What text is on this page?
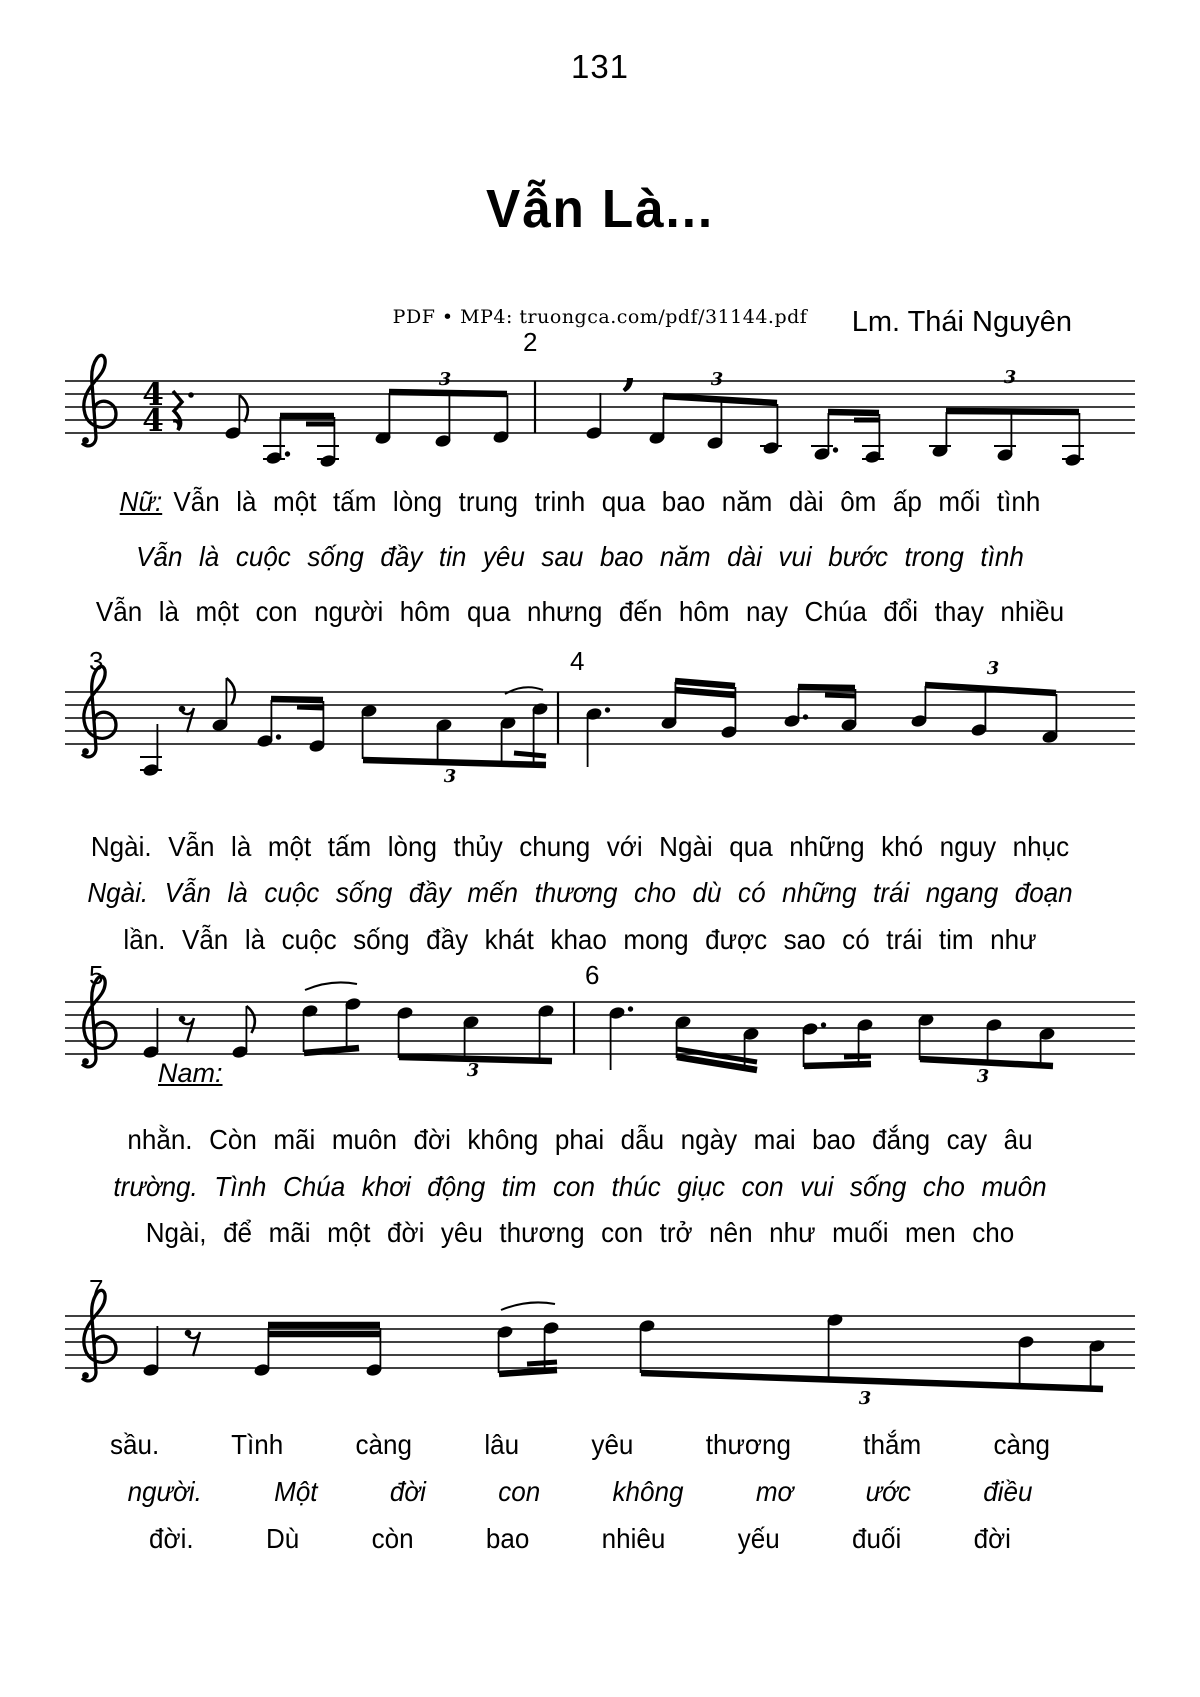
131
Vẫn Là...
PDF • MP4: truongca.com/pdf/31144.pdf	Lm. Thái Nguyên
4
4
2
,
3	3	3
3	4
3
3
5	6
3	3
7
3
Nam:
Nữ: Vẫn là một tấm lòng trung trinh qua bao năm dài ôm ấp mối tình
Vẫn là cuộc sống đầy tin yêu sau bao năm dài vui bước trong tình
Vẫn là một con người hôm qua nhưng đến hôm nay Chúa đổi thay nhiều
Ngài. Vẫn là một tấm lòng thủy chung với Ngài qua những khó nguy nhục
Ngài. Vẫn là cuộc sống đầy mến thương cho dù có những trái ngang đoạn
lần. Vẫn là cuộc sống đầy khát khao mong được sao có trái tim như
nhằn. Còn mãi muôn đời không phai dẫu ngày mai bao đắng cay âu
trường. Tình Chúa khơi động tim con thúc giục con vui sống cho muôn
Ngài, để mãi một đời yêu thương con trở nên như muối men cho
sầu. Tình càng lâu yêu thương thắm càng
người. Một đời con không mơ ước điều
đời. Dù còn bao nhiêu yếu đuối đời
